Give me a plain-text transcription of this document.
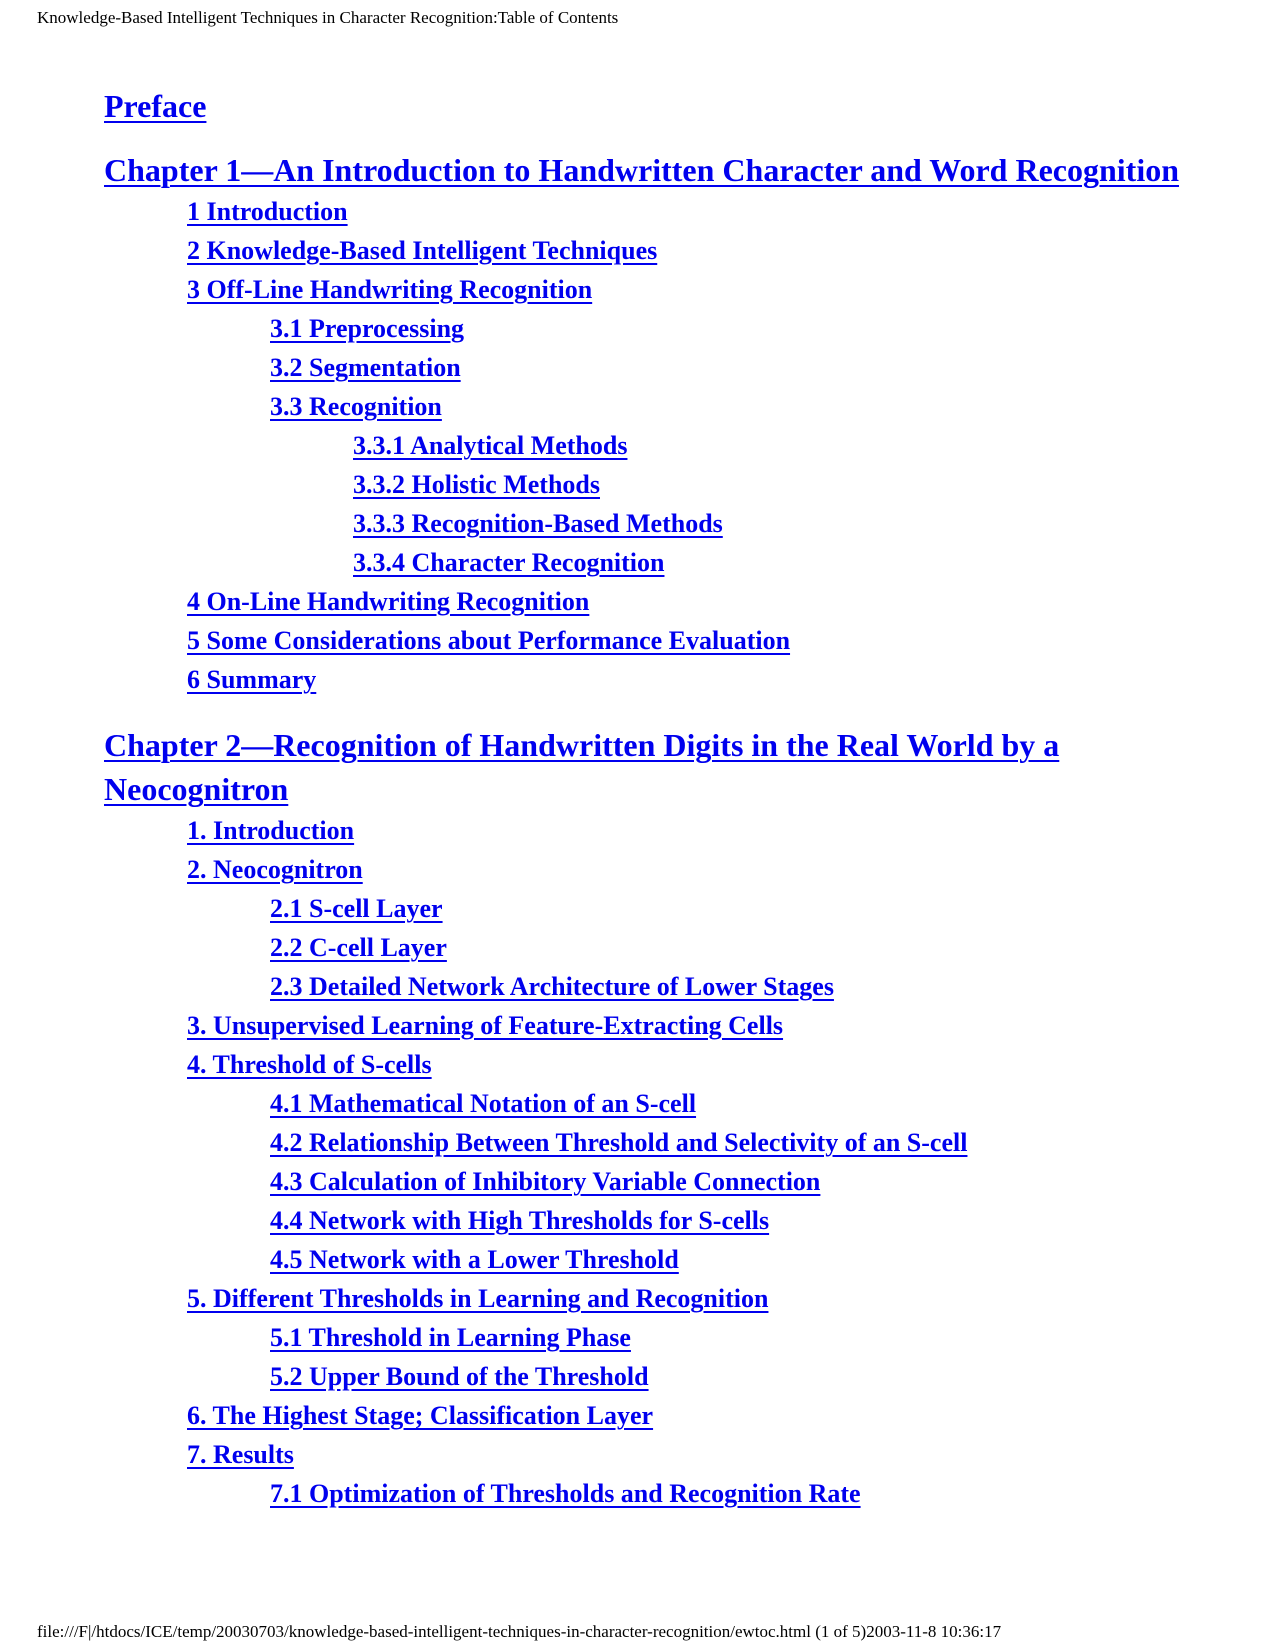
Knowledge-Based Intelligent Techniques in Character Recognition:Table of Contents
Preface
Chapter 1—An Introduction to Handwritten Character and Word Recognition
1 Introduction
2 Knowledge-Based Intelligent Techniques
3 Off-Line Handwriting Recognition
3.1 Preprocessing
3.2 Segmentation
3.3 Recognition
3.3.1 Analytical Methods
3.3.2 Holistic Methods
3.3.3 Recognition-Based Methods
3.3.4 Character Recognition
4 On-Line Handwriting Recognition
5 Some Considerations about Performance Evaluation
6 Summary
Chapter 2—Recognition of Handwritten Digits in the Real World by a Neocognitron
1. Introduction
2. Neocognitron
2.1 S-cell Layer
2.2 C-cell Layer
2.3 Detailed Network Architecture of Lower Stages
3. Unsupervised Learning of Feature-Extracting Cells
4. Threshold of S-cells
4.1 Mathematical Notation of an S-cell
4.2 Relationship Between Threshold and Selectivity of an S-cell
4.3 Calculation of Inhibitory Variable Connection
4.4 Network with High Thresholds for S-cells
4.5 Network with a Lower Threshold
5. Different Thresholds in Learning and Recognition
5.1 Threshold in Learning Phase
5.2 Upper Bound of the Threshold
6. The Highest Stage; Classification Layer
7. Results
7.1 Optimization of Thresholds and Recognition Rate
file:///F|/htdocs/ICE/temp/20030703/knowledge-based-intelligent-techniques-in-character-recognition/ewtoc.html (1 of 5)2003-11-8 10:36:17
